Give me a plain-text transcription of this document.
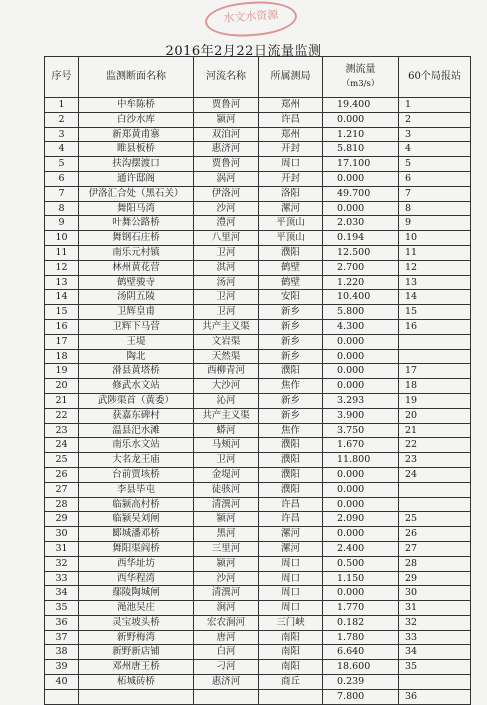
水文水资源
2016年2月22日流量监测
序号	监测断面名称	河流名称	所属测局	测流量
（m3/s）	60个局报站
1	中牟陈桥	贾鲁河	郑州	19.400	1
2	白沙水库	颍河	许昌	0.000	2
3	新郑黄甫寨	双洎河	郑州	1.210	3
4	睢县板桥	惠济河	开封	5.810	4
5	扶沟摆渡口	贾鲁河	周口	17.100	5
6	通许邸阁	涡河	开封	0.000	6
7	伊洛汇合处（黑石关）	伊洛河	洛阳	49.700	7
8	舞阳马湾	沙河	漯河	0.000	8
9	叶舞公路桥	澧河	平顶山	2.030	9
10	舞钢石庄桥	八里河	平顶山	0.194	10
11	南乐元村镇	卫河	濮阳	12.500	11
12	林州黄花营	淇河	鹤壁	2.700	12
13	鹤壁骏寺	汤河	鹤壁	1.220	13
14	汤阴五陵	卫河	安阳	10.400	14
15	卫辉皇甫	卫河	新乡	5.800	15
16	卫辉下马营	共产主义渠	新乡	4.300	16
17	王堤	文岩渠	新乡	0.000	
18	陶北	天然渠	新乡	0.000	
19	滑县黄塔桥	西柳青河	濮阳	0.000	17
20	修武水文站	大沙河	焦作	0.000	18
21	武陟渠首（黄委）	沁河	新乡	3.293	19
22	获嘉东碑村	共产主义渠	新乡	3.900	20
23	温县汜水滩	蟒河	焦作	3.750	21
24	南乐水文站	马颊河	濮阳	1.670	22
25	大名龙王庙	卫河	濮阳	11.800	23
26	台前贾垓桥	金堤河	濮阳	0.000	24
27	李县毕屯	徒骇河	濮阳	0.000	
28	临颍高村桥	清潩河	许昌	0.000	
29	临颍吴刘闸	颍河	许昌	2.090	25
30	郾城潘邓桥	黑河	漯河	0.000	26
31	舞阳渠阎桥	三里河	漯河	2.400	27
32	西华址坊	颍河	周口	0.500	28
33	西华程湾	沙河	周口	1.150	29
34	鄢陵陶城闸	清潩河	周口	0.000	30
35	渑池吴庄	涧河	周口	1.770	31
36	灵宝坡头桥	宏农涧河	三门峡	0.182	32
37	新野梅湾	唐河	南阳	1.780	33
38	新野新店铺	白河	南阳	6.640	34
39	邓州唐王桥	刁河	南阳	18.600	35
40	柘城砖桥	惠济河	商丘	0.239	
				7.800	36
